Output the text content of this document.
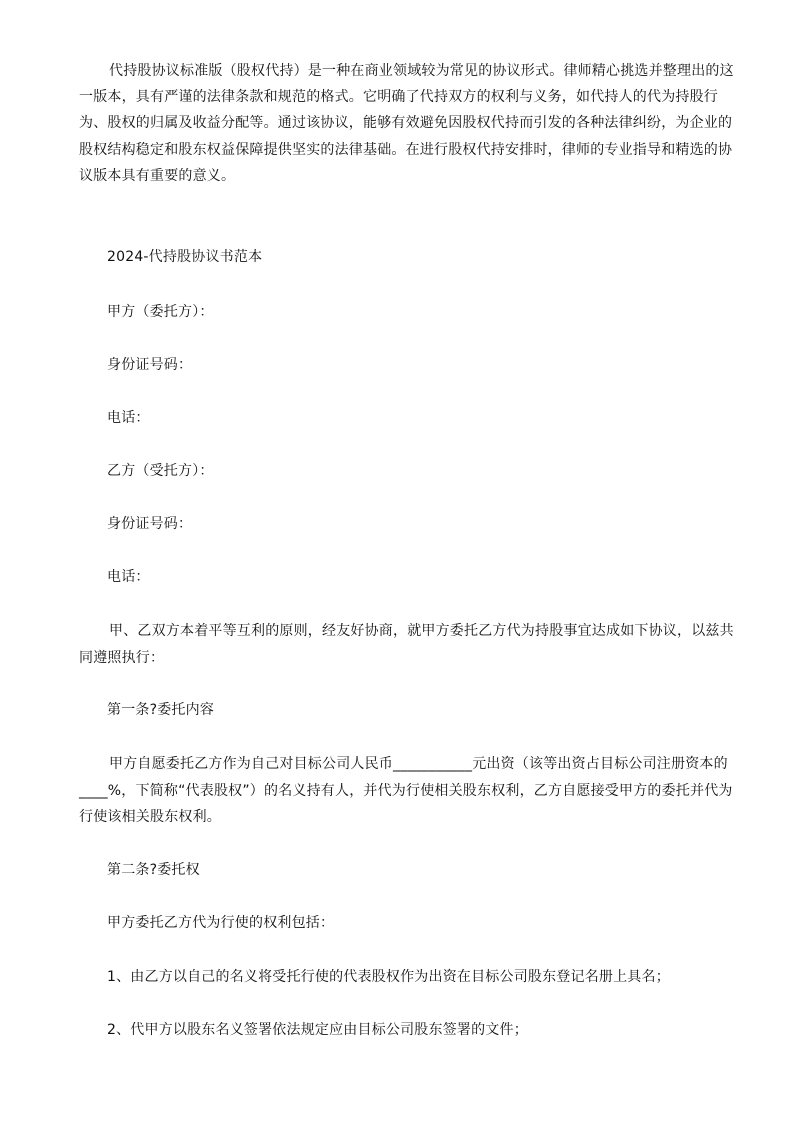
代持股协议标准版（股权代持）是一种在商业领域较为常见的协议形式。律师精心挑选并整理出的这一版本，具有严谨的法律条款和规范的格式。它明确了代持双方的权利与义务，如代持人的代为持股行为、股权的归属及收益分配等。通过该协议，能够有效避免因股权代持而引发的各种法律纠纷，为企业的股权结构稳定和股东权益保障提供坚实的法律基础。在进行股权代持安排时，律师的专业指导和精选的协议版本具有重要的意义。

2024-代持股协议书范本

甲方（委托方）：

身份证号码：

电话：

乙方（受托方）：

身份证号码：

电话：

甲、乙双方本着平等互利的原则，经友好协商，就甲方委托乙方代为持股事宜达成如下协议，以兹共同遵照执行：

第一条?委托内容

甲方自愿委托乙方作为自己对目标公司人民币___________元出资（该等出资占目标公司注册资本的____%，下简称“代表股权”）的名义持有人，并代为行使相关股东权利，乙方自愿接受甲方的委托并代为行使该相关股东权利。

第二条?委托权

甲方委托乙方代为行使的权利包括：

1、由乙方以自己的名义将受托行使的代表股权作为出资在目标公司股东登记名册上具名；

2、代甲方以股东名义签署依法规定应由目标公司股东签署的文件；
